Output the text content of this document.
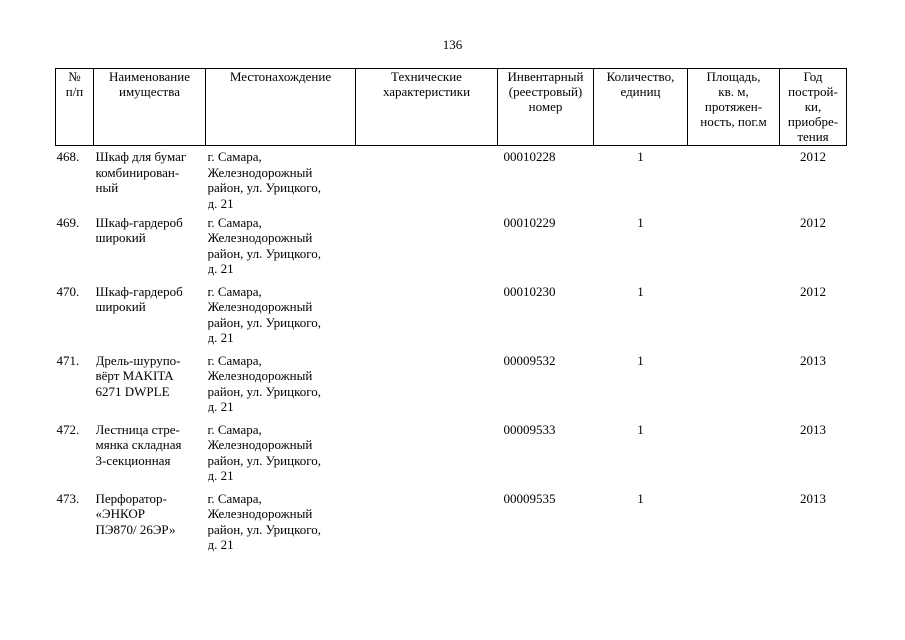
136
№
п/п	Наименование
имущества	Местонахождение	Технические
характеристики	Инвентарный
(реестровый)
номер	Количество,
единиц	Площадь,
кв. м,
протяжен-
ность, пог.м	Год
построй-
ки,
приобре-
тения
468.	Шкаф для бумаг
комбинирован-
ный	г. Самара,
Железнодорожный
район, ул. Урицкого,
д. 21		00010228	1		2012
469.	Шкаф-гардероб
широкий	г. Самара,
Железнодорожный
район, ул. Урицкого,
д. 21		00010229	1		2012
470.	Шкаф-гардероб
широкий	г. Самара,
Железнодорожный
район, ул. Урицкого,
д. 21		00010230	1		2012
471.	Дрель-шурупо-
вёрт MAKITA
6271 DWPLE	г. Самара,
Железнодорожный
район, ул. Урицкого,
д. 21		00009532	1		2013
472.	Лестница стре-
мянка складная
3-секционная	г. Самара,
Железнодорожный
район, ул. Урицкого,
д. 21		00009533	1		2013
473.	Перфоратор-
«ЭНКОР
ПЭ870/ 26ЭР»	г. Самара,
Железнодорожный
район, ул. Урицкого,
д. 21		00009535	1		2013
